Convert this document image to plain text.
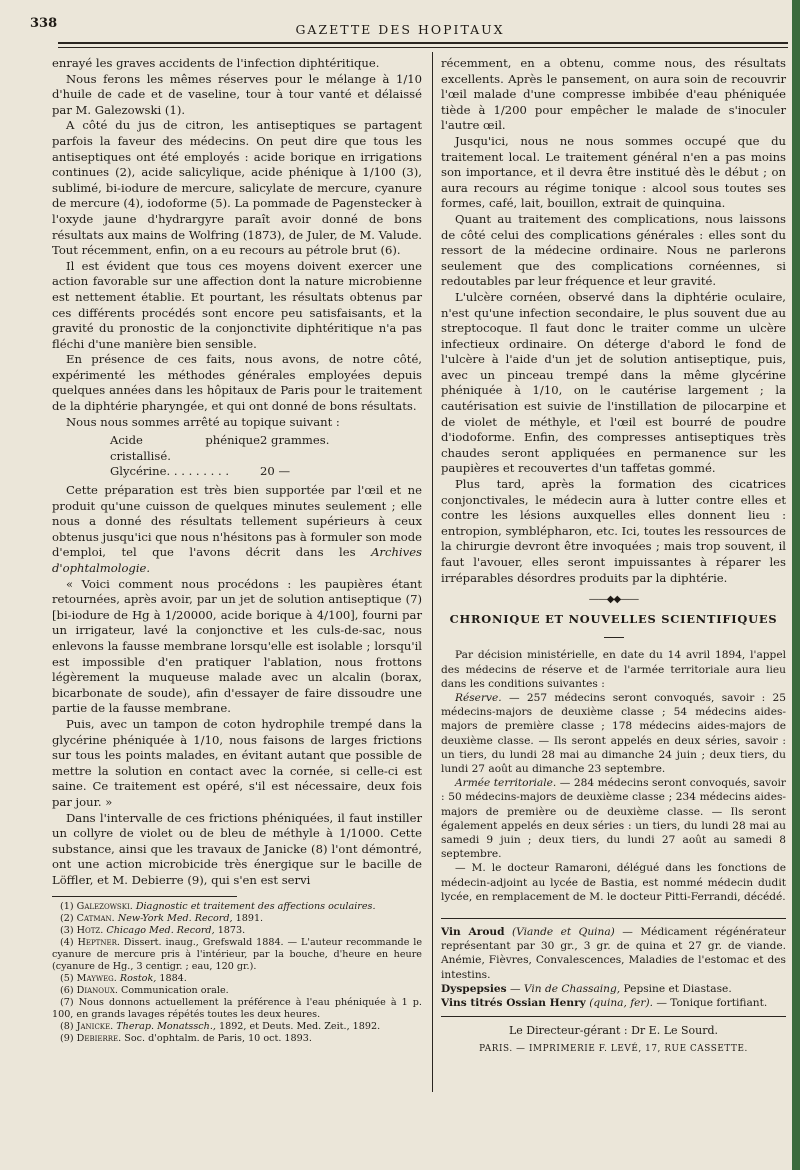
338	GAZETTE DES HOPITAUX

enrayé les graves accidents de l'infection diphtéritique.

Nous ferons les mêmes réserves pour le mélange à 1/10 d'huile de cade et de vaseline, tour à tour vanté et délaissé par M. Galezowski (1).

A côté du jus de citron, les antiseptiques se partagent parfois la faveur des médecins. On peut dire que tous les antiseptiques ont été employés : acide borique en irrigations continues (2), acide salicylique, acide phénique à 1/100 (3), sublimé, bi-iodure de mercure, salicylate de mercure, cyanure de mercure (4), iodoforme (5). La pommade de Pagenstecker à l'oxyde jaune d'hydrargyre paraît avoir donné de bons résultats aux mains de Wolfring (1873), de Juler, de M. Valude. Tout récemment, enfin, on a eu recours au pétrole brut (6).

Il est évident que tous ces moyens doivent exercer une action favorable sur une affection dont la nature microbienne est nettement établie. Et pourtant, les résultats obtenus par ces différents procédés sont encore peu satisfaisants, et la gravité du pronostic de la conjonctivite diphtéritique n'a pas fléchi d'une manière bien sensible.

En présence de ces faits, nous avons, de notre côté, expérimenté les méthodes générales employées depuis quelques années dans les hôpitaux de Paris pour le traitement de la diphtérie pharyngée, et qui ont donné de bons résultats.

Nous nous sommes arrêté au topique suivant :

Acide phénique cristallisé.
2 grammes.
Glycérine. . . . . . . . .	20 —

Cette préparation est très bien supportée par l'œil et ne produit qu'une cuisson de quelques minutes seulement ; elle nous a donné des résultats tellement supérieurs à ceux obtenus jusqu'ici que nous n'hésitons pas à formuler son mode d'emploi, tel que l'avons décrit dans les Archives d'ophtalmologie.

« Voici comment nous procédons : les paupières étant retournées, après avoir, par un jet de solution antiseptique (7) [bi-iodure de Hg à 1/20000, acide borique à 4/100], fourni par un irrigateur, lavé la conjonctive et les culs-de-sac, nous enlevons la fausse membrane lorsqu'elle est isolable ; lorsqu'il est impossible d'en pratiquer l'ablation, nous frottons légèrement la muqueuse malade avec un alcalin (borax, bicarbonate de soude), afin d'essayer de faire dissoudre une partie de la fausse membrane.

Puis, avec un tampon de coton hydrophile trempé dans la glycérine phéniquée à 1/10, nous faisons de larges frictions sur tous les points malades, en évitant autant que possible de mettre la solution en contact avec la cornée, si celle-ci est saine. Ce traitement est opéré, s'il est nécessaire, deux fois par jour. »

Dans l'intervalle de ces frictions phéniquées, il faut instiller un collyre de violet ou de bleu de méthyle à 1/1000. Cette substance, ainsi que les travaux de Janicke (8) l'ont démontré, ont une action microbicide très énergique sur le bacille de Löffler, et M. Debierre (9), qui s'en est servi

(1) Galezowski. Diagnostic et traitement des affections oculaires.

(2) Catman. New-York Med. Record, 1891.

(3) Hotz. Chicago Med. Record, 1873.

(4) Heptner. Dissert. inaug., Grefswald 1884. — L'auteur recommande le cyanure de mercure pris à l'intérieur, par la bouche, d'heure en heure (cyanure de Hg., 3 centigr. ; eau, 120 gr.).

(5) Mayweg. Rostok, 1884.

(6) Dianoux. Communication orale.

(7) Nous donnons actuellement la préférence à l'eau phéniquée à 1 p. 100, en grands lavages répétés toutes les deux heures.

(8) Janicke. Therap. Monatssch., 1892, et Deuts. Med. Zeit., 1892.

(9) Debierre. Soc. d'ophtalm. de Paris, 10 oct. 1893.

récemment, en a obtenu, comme nous, des résultats excellents. Après le pansement, on aura soin de recouvrir l'œil malade d'une compresse imbibée d'eau phéniquée tiède à 1/200 pour empêcher le malade de s'inoculer l'autre œil.

Jusqu'ici, nous ne nous sommes occupé que du traitement local. Le traitement général n'en a pas moins son importance, et il devra être institué dès le début ; on aura recours au régime tonique : alcool sous toutes ses formes, café, lait, bouillon, extrait de quinquina.

Quant au traitement des complications, nous laissons de côté celui des complications générales : elles sont du ressort de la médecine ordinaire. Nous ne parlerons seulement que des complications cornéennes, si redoutables par leur fréquence et leur gravité.

L'ulcère cornéen, observé dans la diphtérie oculaire, n'est qu'une infection secondaire, le plus souvent due au streptocoque. Il faut donc le traiter comme un ulcère infectieux ordinaire. On déterge d'abord le fond de l'ulcère à l'aide d'un jet de solution antiseptique, puis, avec un pinceau trempé dans la même glycérine phéniquée à 1/10, on le cautérise largement ; la cautérisation est suivie de l'instillation de pilocarpine et de violet de méthyle, et l'œil est bourré de poudre d'iodoforme. Enfin, des compresses antiseptiques très chaudes seront appliquées en permanence sur les paupières et recouvertes d'un taffetas gommé.

Plus tard, après la formation des cicatrices conjonctivales, le médecin aura à lutter contre elles et contre les lésions auxquelles elles donnent lieu : entropion, symblépharon, etc. Ici, toutes les ressources de la chirurgie devront être invoquées ; mais trop souvent, il faut l'avouer, elles seront impuissantes à réparer les irréparables désordres produits par la diphtérie.

——◆◆——
CHRONIQUE ET NOUVELLES SCIENTIFIQUES

Par décision ministérielle, en date du 14 avril 1894, l'appel des médecins de réserve et de l'armée territoriale aura lieu dans les conditions suivantes :

Réserve. — 257 médecins seront convoqués, savoir : 25 médecins-majors de deuxième classe ; 54 médecins aides-majors de première classe ; 178 médecins aides-majors de deuxième classe. — Ils seront appelés en deux séries, savoir : un tiers, du lundi 28 mai au dimanche 24 juin ; deux tiers, du lundi 27 août au dimanche 23 septembre.

Armée territoriale. — 284 médecins seront convoqués, savoir : 50 médecins-majors de deuxième classe ; 234 médecins aides-majors de première ou de deuxième classe. — Ils seront également appelés en deux séries : un tiers, du lundi 28 mai au samedi 9 juin ; deux tiers, du lundi 27 août au samedi 8 septembre.

— M. le docteur Ramaroni, délégué dans les fonctions de médecin-adjoint au lycée de Bastia, est nommé médecin dudit lycée, en remplacement de M. le docteur Pitti-Ferrandi, décédé.

Vin Aroud (Viande et Quina) — Médicament régénérateur représentant par 30 gr., 3 gr. de quina et 27 gr. de viande. Anémie, Fièvres, Convalescences, Maladies de l'estomac et des intestins.

Dyspepsies — Vin de Chassaing, Pepsine et Diastase.

Vins titrés Ossian Henry (quina, fer). — Tonique fortifiant.

Le Directeur-gérant : Dr E. Le Sourd.
PARIS. — IMPRIMERIE F. LEVÉ, 17, RUE CASSETTE.
